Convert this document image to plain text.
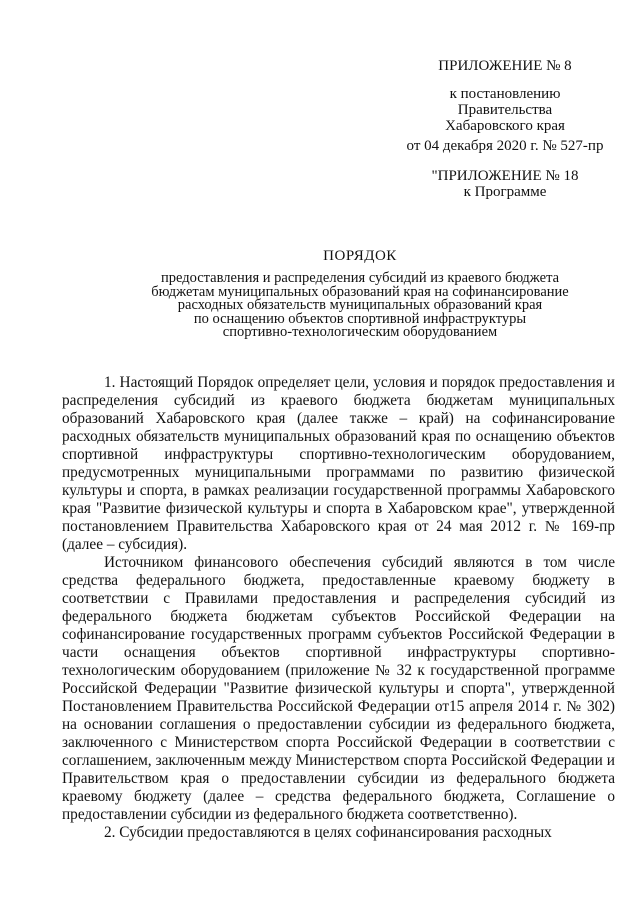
ПРИЛОЖЕНИЕ № 8
к постановлению
Правительства
Хабаровского края
от 04 декабря 2020 г. № 527-пр
"ПРИЛОЖЕНИЕ № 18
к Программе
ПОРЯДОК
предоставления и распределения субсидий из краевого бюджета
бюджетам муниципальных образований края на софинансирование
расходных обязательств муниципальных образований края
по оснащению объектов спортивной инфраструктуры
спортивно-технологическим оборудованием

1. Настоящий Порядок определяет цели, условия и порядок предоставления и распределения субсидий из краевого бюджета бюджетам муниципальных образований Хабаровского края (далее также – край) на софинансирование расходных обязательств муниципальных образований края по оснащению объектов спортивной инфраструктуры спортивно-технологическим оборудованием, предусмотренных муниципальными программами по развитию физической культуры и спорта, в рамках реализации государственной программы Хабаровского края "Развитие физической культуры и спорта в Хабаровском крае", утвержденной постановлением Правительства Хабаровского края от 24 мая 2012 г. № 169-пр (далее – субсидия).

Источником финансового обеспечения субсидий являются в том числе средства федерального бюджета, предоставленные краевому бюджету в соответствии с Правилами предоставления и распределения субсидий из федерального бюджета бюджетам субъектов Российской Федерации на софинансирование государственных программ субъектов Российской Федерации в части оснащения объектов спортивной инфраструктуры спортивно-технологическим оборудованием (приложение № 32 к государственной программе Российской Федерации "Развитие физической культуры и спорта", утвержденной Постановлением Правительства Российской Федерации от15 апреля 2014 г. № 302) на основании соглашения о предоставлении субсидии из федерального бюджета, заключенного с Министерством спорта Российской Федерации в соответствии с соглашением, заключенным между Министерством спорта Российской Федерации и Правительством края о предоставлении субсидии из федерального бюджета краевому бюджету (далее – средства федерального бюджета, Соглашение о предоставлении субсидии из федерального бюджета соответственно).

2. Субсидии предоставляются в целях софинансирования расходных
